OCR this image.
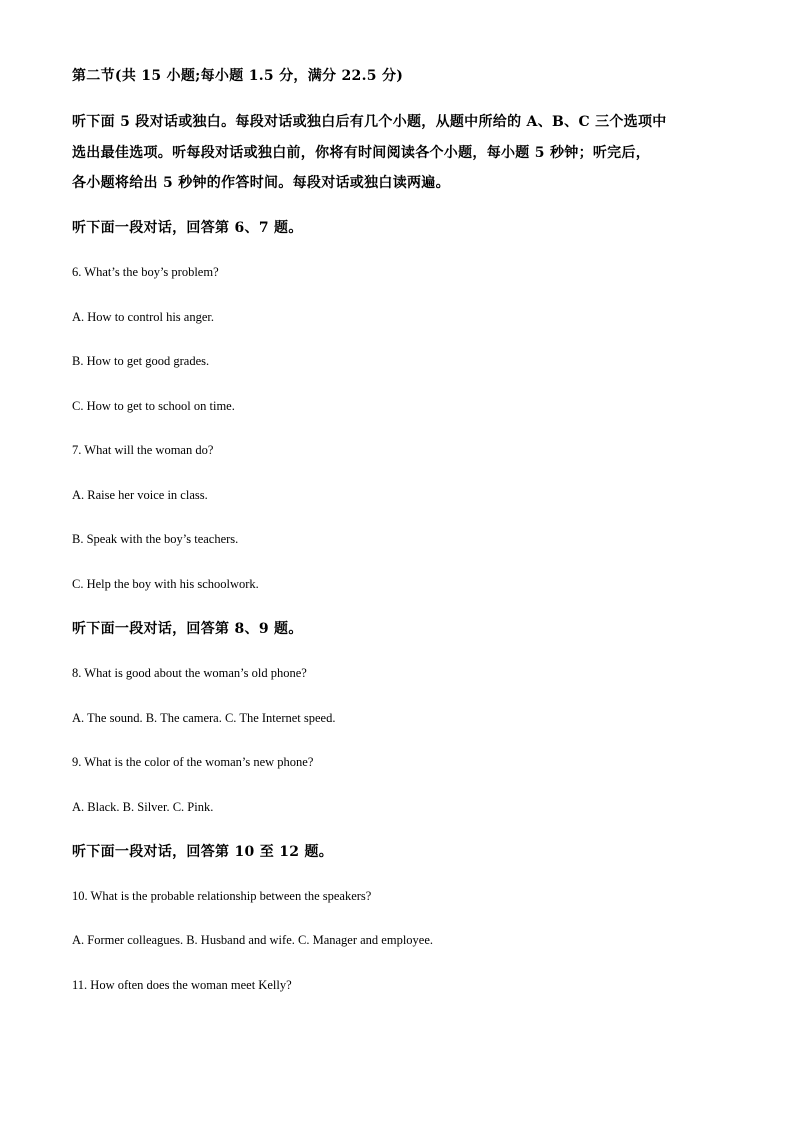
第二节(共 15 小题;每小题 1.5 分，满分 22.5 分)
听下面 5 段对话或独白。每段对话或独白后有几个小题，从题中所给的 A、B、C 三个选项中
选出最佳选项。听每段对话或独白前，你将有时间阅读各个小题，每小题 5 秒钟；听完后，
各小题将给出 5 秒钟的作答时间。每段对话或独白读两遍。
听下面一段对话，回答第 6、7 题。
6. What’s the boy’s problem?
A. How to control his anger.
B. How to get good grades.
C. How to get to school on time.
7. What will the woman do?
A. Raise her voice in class.
B. Speak with the boy’s teachers.
C. Help the boy with his schoolwork.
听下面一段对话，回答第 8、9 题。
8. What is good about the woman’s old phone?
A. The sound. B. The camera. C. The Internet speed.
9. What is the color of the woman’s new phone?
A. Black. B. Silver. C. Pink.
听下面一段对话，回答第 10 至 12 题。
10. What is the probable relationship between the speakers?
A. Former colleagues. B. Husband and wife. C. Manager and employee.
11. How often does the woman meet Kelly?
